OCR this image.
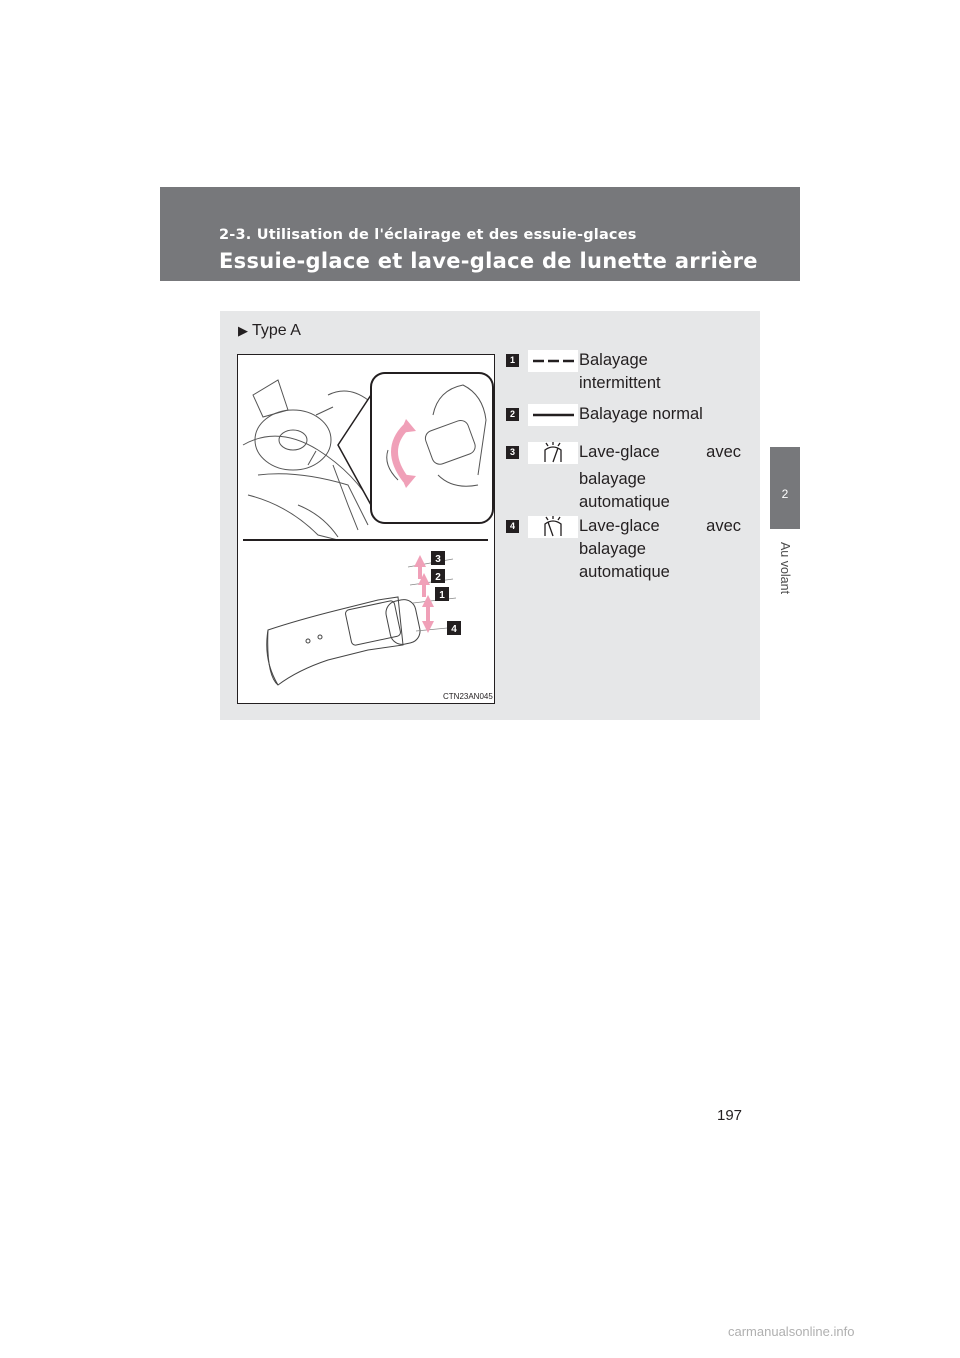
2-3. Utilisation de l'éclairage et des essuie-glaces
Essuie-glace et lave-glace de lunette arrière
2
Au volant
▶ Type A
3
2
1
4
CTN23AN045
1	Balayage
intermittent
2	Balayage normal
3	Lave-glace	avec
balayage
automatique
4	Lave-glace	avec
balayage
automatique
197
carmanualsonline.info
